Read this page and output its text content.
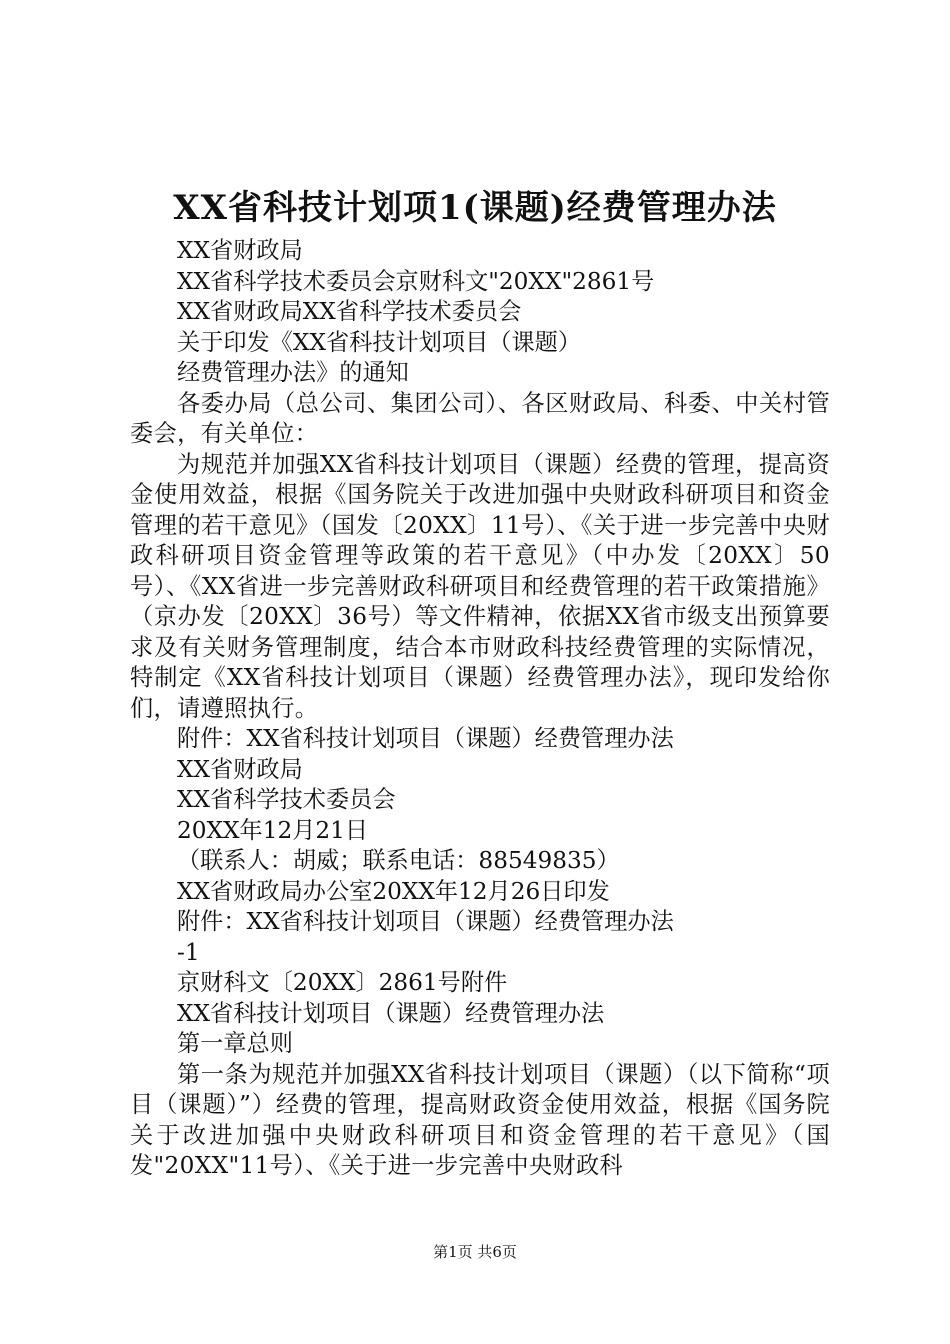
XX省科技计划项1(课题)经费管理办法

XX省财政局

XX省科学技术委员会京财科文"20XX"2861号

XX省财政局XX省科学技术委员会

关于印发《XX省科技计划项目（课题）

经费管理办法》的通知

各委办局（总公司、集团公司）、各区财政局、科委、中关村管委会，有关单位：

为规范并加强XX省科技计划项目（课题）经费的管理，提高资金使用效益，根据《国务院关于改进加强中央财政科研项目和资金管理的若干意见》（国发〔20XX〕11号）、《关于进一步完善中央财政科研项目资金管理等政策的若干意见》（中办发〔20XX〕50号）、《XX省进一步完善财政科研项目和经费管理的若干政策措施》（京办发〔20XX〕36号）等文件精神，依据XX省市级支出预算要求及有关财务管理制度，结合本市财政科技经费管理的实际情况，特制定《XX省科技计划项目（课题）经费管理办法》，现印发给你们，请遵照执行。

附件：XX省科技计划项目（课题）经费管理办法

XX省财政局

XX省科学技术委员会

20XX年12月21日

（联系人：胡威；联系电话：88549835）

XX省财政局办公室20XX年12月26日印发

附件：XX省科技计划项目（课题）经费管理办法

-1

京财科文〔20XX〕2861号附件

XX省科技计划项目（课题）经费管理办法

第一章总则

第一条为规范并加强XX省科技计划项目（课题）（以下简称“项目（课题）”）经费的管理，提高财政资金使用效益，根据《国务院关于改进加强中央财政科研项目和资金管理的若干意见》（国发"20XX"11号）、《关于进一步完善中央财政科

第1页 共6页
